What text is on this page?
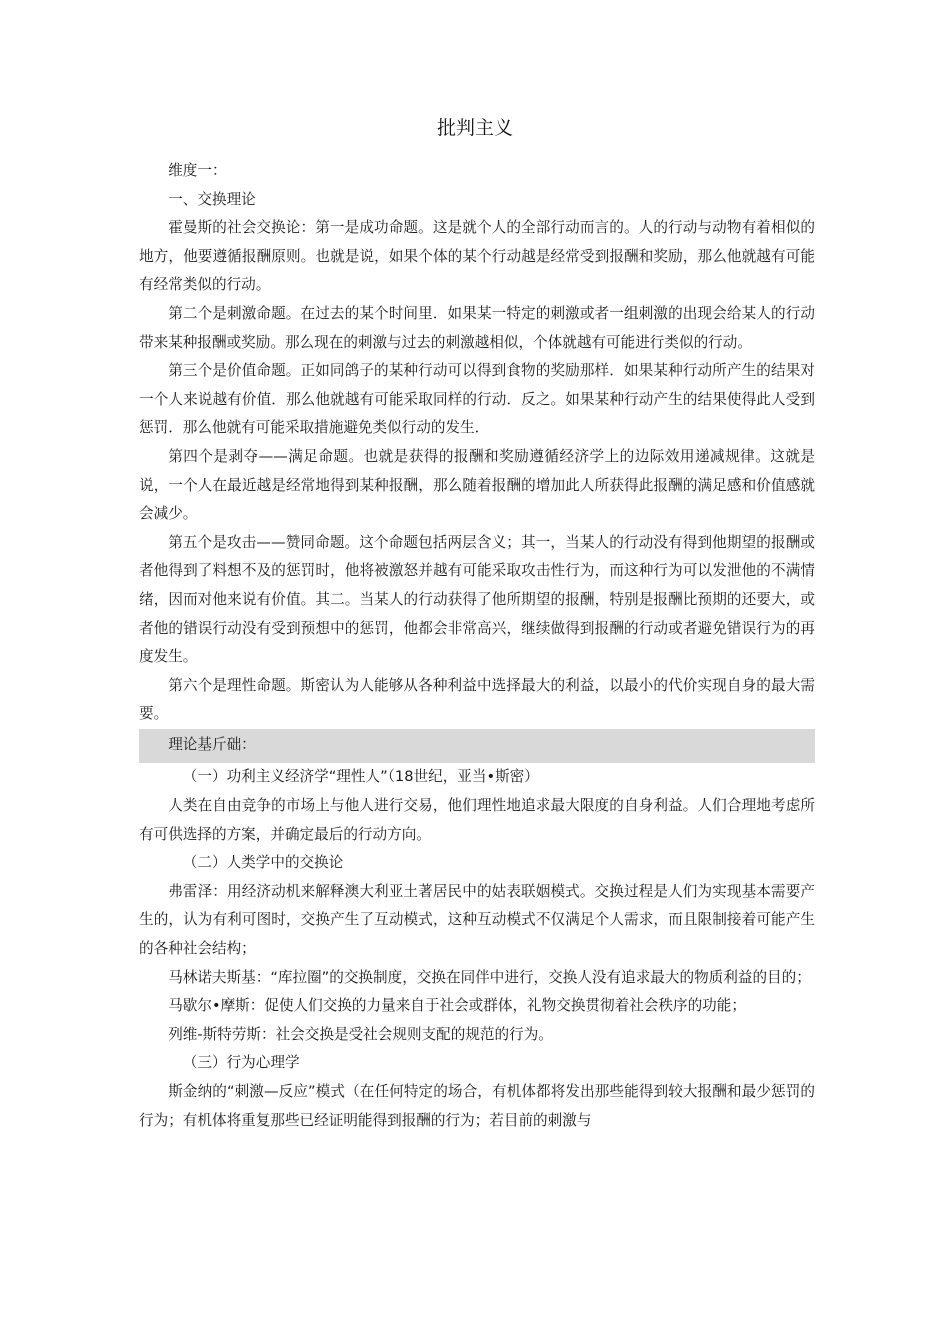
批判主义

维度一：

一、交换理论

霍曼斯的社会交换论：第一是成功命题。这是就个人的全部行动而言的。人的行动与动物有着相似的地方，他要遵循报酬原则。也就是说，如果个体的某个行动越是经常受到报酬和奖励，那么他就越有可能有经常类似的行动。

第二个是刺激命题。在过去的某个时间里．如果某一特定的刺激或者一组刺激的出现会给某人的行动带来某种报酬或奖励。那么现在的刺激与过去的刺激越相似，个体就越有可能进行类似的行动。

第三个是价值命题。正如同鸽子的某种行动可以得到食物的奖励那样．如果某种行动所产生的结果对一个人来说越有价值．那么他就越有可能采取同样的行动．反之。如果某种行动产生的结果使得此人受到惩罚．那么他就有可能采取措施避免类似行动的发生．

第四个是剥夺——满足命题。也就是获得的报酬和奖励遵循经济学上的边际效用递减规律。这就是说，一个人在最近越是经常地得到某种报酬，那么随着报酬的增加此人所获得此报酬的满足感和价值感就会减少。

第五个是攻击——赞同命题。这个命题包括两层含义；其一，当某人的行动没有得到他期望的报酬或者他得到了料想不及的惩罚时，他将被激怒并越有可能采取攻击性行为，而这种行为可以发泄他的不满情绪，因而对他来说有价值。其二。当某人的行动获得了他所期望的报酬，特别是报酬比预期的还要大，或者他的错误行动没有受到预想中的惩罚，他都会非常高兴，继续做得到报酬的行动或者避免错误行为的再度发生。

第六个是理性命题。斯密认为人能够从各种利益中选择最大的利益，以最小的代价实现自身的最大需要。

理论基斤础：

（一）功利主义经济学“理性人”（18世纪，亚当•斯密）

人类在自由竞争的市场上与他人进行交易，他们理性地追求最大限度的自身利益。人们合理地考虑所有可供选择的方案，并确定最后的行动方向。

（二）人类学中的交换论

弗雷泽：用经济动机来解释澳大利亚土著居民中的姑表联姻模式。交换过程是人们为实现基本需要产生的，认为有利可图时，交换产生了互动模式，这种互动模式不仅满足个人需求，而且限制接着可能产生的各种社会结构；

马林诺夫斯基：“库拉圈”的交换制度，交换在同伴中进行，交换人没有追求最大的物质利益的目的；

马歇尔•摩斯：促使人们交换的力量来自于社会或群体，礼物交换贯彻着社会秩序的功能；

列维-斯特劳斯：社会交换是受社会规则支配的规范的行为。

（三）行为心理学

斯金纳的“刺激—反应”模式（在任何特定的场合，有机体都将发出那些能得到较大报酬和最少惩罚的行为；有机体将重复那些已经证明能得到报酬的行为；若目前的刺激与
